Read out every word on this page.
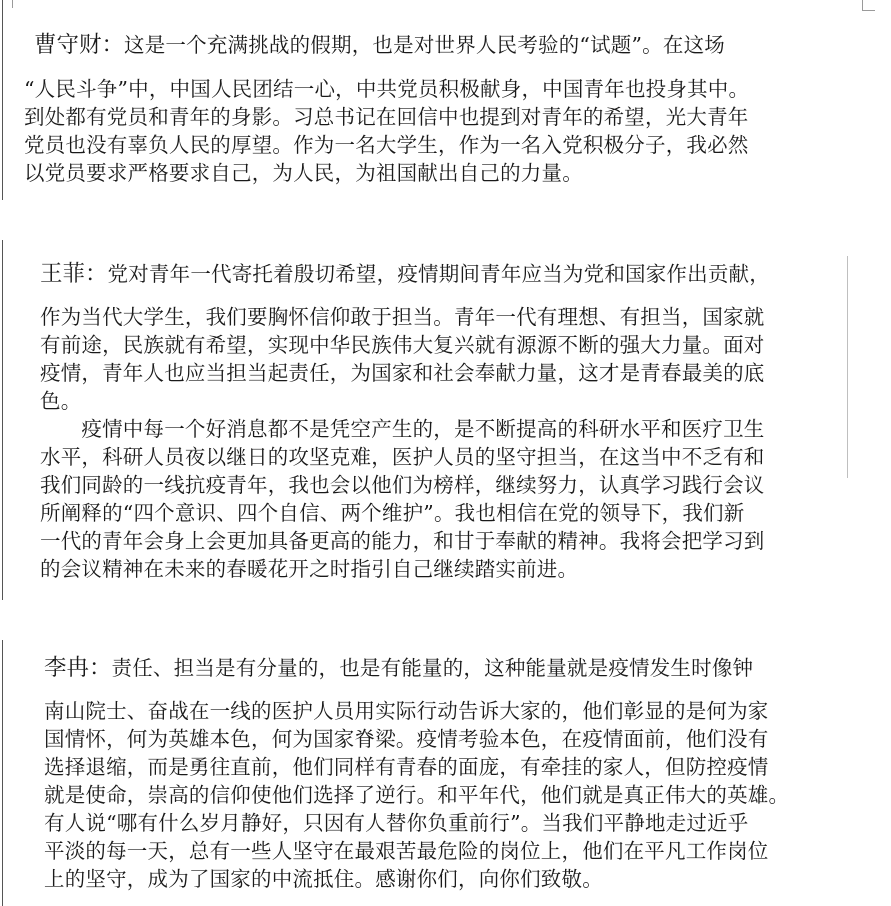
曹守财：这是一个充满挑战的假期，也是对世界人民考验的“试题”。在这场

“人民斗争”中，中国人民团结一心，中共党员积极献身，中国青年也投身其中。

到处都有党员和青年的身影。习总书记在回信中也提到对青年的希望，光大青年

党员也没有辜负人民的厚望。作为一名大学生，作为一名入党积极分子，我必然

以党员要求严格要求自己，为人民，为祖国献出自己的力量。

王菲：党对青年一代寄托着殷切希望，疫情期间青年应当为党和国家作出贡献，

作为当代大学生，我们要胸怀信仰敢于担当。青年一代有理想、有担当，国家就

有前途，民族就有希望，实现中华民族伟大复兴就有源源不断的强大力量。面对

疫情，青年人也应当担当起责任，为国家和社会奉献力量，这才是青春最美的底

色。

　　疫情中每一个好消息都不是凭空产生的，是不断提高的科研水平和医疗卫生

水平，科研人员夜以继日的攻坚克难，医护人员的坚守担当，在这当中不乏有和

我们同龄的一线抗疫青年，我也会以他们为榜样，继续努力，认真学习践行会议

所阐释的“四个意识、四个自信、两个维护”。我也相信在党的领导下，我们新

一代的青年会身上会更加具备更高的能力，和甘于奉献的精神。我将会把学习到

的会议精神在未来的春暖花开之时指引自己继续踏实前进。

李冉：责任、担当是有分量的，也是有能量的，这种能量就是疫情发生时像钟

南山院士、奋战在一线的医护人员用实际行动告诉大家的，他们彰显的是何为家

国情怀，何为英雄本色，何为国家脊梁。疫情考验本色，在疫情面前，他们没有

选择退缩，而是勇往直前，他们同样有青春的面庞，有牵挂的家人，但防控疫情

就是使命，崇高的信仰使他们选择了逆行。和平年代，他们就是真正伟大的英雄。

有人说“哪有什么岁月静好，只因有人替你负重前行”。当我们平静地走过近乎

平淡的每一天，总有一些人坚守在最艰苦最危险的岗位上，他们在平凡工作岗位

上的坚守，成为了国家的中流抵住。感谢你们，向你们致敬。
